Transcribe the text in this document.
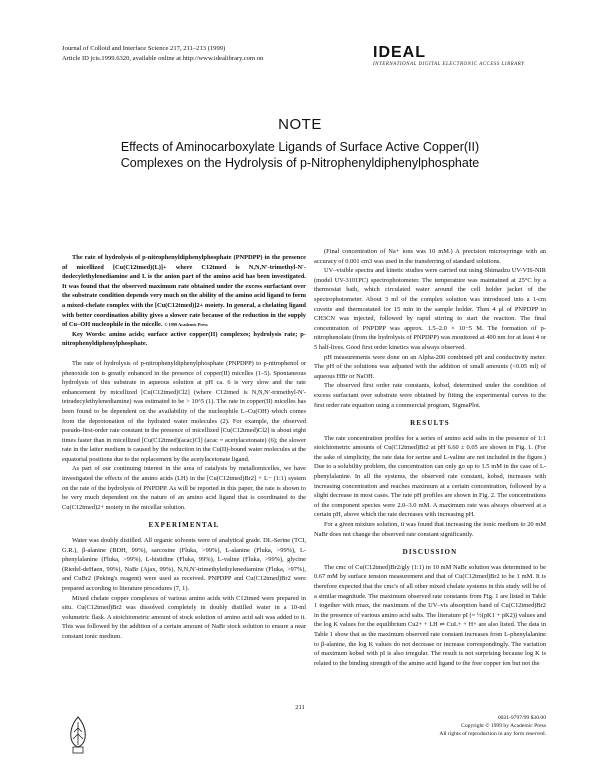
Journal of Colloid and Interface Science 217, 211–213 (1999)
Article ID jcis.1999.6320, available online at http://www.idealibrary.com on	IDEAL
INTERNATIONAL DIGITAL ELECTRONIC ACCESS LIBRARY
NOTE
Effects of Aminocarboxylate Ligands of Surface Active Copper(II)
Complexes on the Hydrolysis of p-Nitrophenyldiphenylphosphate

The rate of hydrolysis of p-nitrophenyldiphenylphosphate (PNPDPP) in the presence of micellized [Cu(C12tmed)(L)]+ where C12tmed is N,N,N′-trimethyl-N′-dodecylethylenediamine and L is the anion part of the amino acid has been investigated. It was found that the observed maximum rate obtained under the excess surfactant over the substrate condition depends very much on the ability of the amino acid ligand to form a mixed-chelate complex with the [Cu(C12tmed)]2+ moiety. In general, a chelating ligand with better coordination ability gives a slower rate because of the reduction in the supply of Cu–OH nucleophile in the micelle. © 1999 Academic Press

Key Words: amino acids; surface active copper(II) complexes; hydrolysis rate; p-nitrophenyldiphenylphosphate.

The rate of hydrolysis of p-nitrophenyldiphenylphosphate (PNPDPP) to p-nitrophenol or phenoxide ion is greatly enhanced in the presence of copper(II) micelles (1–5). Spontaneous hydrolysis of this substrate in aqueous solution at pH ca. 6 is very slow and the rate enhancement by micellized [Cu(C12tmed)Cl2] (where C12tmed is N,N,N′-trimethyl-N′-tetradecylethylenediamine) was estimated to be > 10^5 (1). The rate in copper(II) micelles has been found to be dependent on the availability of the nucleophile L–Cu(OH) which comes from the deprotonation of the hydrated water molecules (2). For example, the observed pseudo-first-order rate constant in the presence of micellized [Cu(C12tmed)Cl2] is about eight times faster than in micellized [Cu(C12tmed)(acac)Cl] (acac = acetylacetonate) (6); the slower rate in the latter medium is caused by the reduction in the Cu(II)-bound water molecules at the equatorial positions due to the replacement by the acetylacetonate ligand.

As part of our continuing interest in the area of catalysis by metallomicelles, we have investigated the effects of the amino acids (LH) in the [Cu(C12tmed)Br2] + L− (1:1) system on the rate of the hydrolysis of PNPDPP. As will be reported in this paper, the rate is shown to be very much dependent on the nature of an amino acid ligand that is coordinated to the Cu(C12tmed)2+ moiety in the micellar solution.

EXPERIMENTAL

Water was doubly distilled. All organic solvents were of analytical grade. DL-Serine (TCI, G.R.), β-alanine (BDH, 99%), sarcosine (Fluka, >99%), L-alanine (Fluka, >99%), L-phenylalanine (Fluka, >99%), L-histidine (Fluka, 99%), L-valine (Fluka, >99%), glycine (Riedel-deHaen, 99%), NaBr (Ajax, 99%), N,N,N′-trimethylethylenediamine (Fluka, >97%), and CuBr2 (Peking's reagent) were used as received. PNPDPP and Cu(C12tmed)Br2 were prepared according to literature procedures (7, 1).

Mixed chelate copper complexes of various amino acids with C12tmed were prepared in situ. Cu(C12tmed)Br2 was dissolved completely in doubly distilled water in a 10-ml volumetric flask. A stoichiometric amount of stock solution of amino acid salt was added to it. This was followed by the addition of a certain amount of NaBr stock solution to ensure a near constant ionic medium.

(Final concentration of Na+ ions was 10 mM.) A precision microsyringe with an accuracy of 0.001 cm3 was used in the transferring of standard solutions.

UV–visible spectra and kinetic studies were carried out using Shimadzu UV-VIS-NIR (model UV-3101PC) spectrophotometer. The temperature was maintained at 25°C by a thermostat bath, which circulated water around the cell holder jacket of the spectrophotometer. About 3 ml of the complex solution was introduced into a 1-cm cuvette and thermostated for 15 min in the sample holder. Then 4 μl of PNPDPP in CH3CN was injected, followed by rapid stirring to start the reaction. The final concentration of PNPDPP was approx. 1.5–2.0 × 10−5 M. The formation of p-nitrophenolate (from the hydrolysis of PNPDPP) was monitored at 400 nm for at least 4 or 5 half-lives. Good first order kinetics was always observed.

pH measurements were done on an Alpha-200 combined pH and conductivity meter. The pH of the solutions was adjusted with the addition of small amounts (<0.05 ml) of aqueous HBr or NaOH.

The observed first order rate constants, kobsd, determined under the condition of excess surfactant over substrate were obtained by fitting the experimental curves to the first order rate equation using a commercial program, SigmaPlot.

RESULTS

The rate concentration profiles for a series of amino acid salts in the presence of 1:1 stoichiometric amounts of Cu(C12tmed)Br2 at pH 6.60 ± 0.05 are shown in Fig. 1. (For the sake of simplicity, the rate data for serine and L-valine are not included in the figure.) Due to a solubility problem, the concentration can only go up to 1.5 mM in the case of L-phenylalanine. In all the systems, the observed rate constant, kobsd, increases with increasing concentration and reaches maximum at a certain concentration, followed by a slight decrease in most cases. The rate pH profiles are shown in Fig. 2. The concentrations of the component species were 2.0–3.0 mM. A maximum rate was always observed at a certain pH, above which the rate decreases with increasing pH.

For a given mixture solution, it was found that increasing the ionic medium to 20 mM NaBr does not change the observed rate constant significantly.

DISCUSSION

The cmc of Cu(C12tmed)Br2/gly (1:1) in 10 mM NaBr solution was determined to be 0.67 mM by surface tension measurement and that of Cu(C12tmed)Br2 to be 1 mM. It is therefore expected that the cmc's of all other mixed chelate systems in this study will be of a similar magnitude. The maximum observed rate constants from Fig. 1 are listed in Table 1 together with rmax, the maximum of the UV–vis absorption band of Cu(C12tmed)Br2 in the presence of various amino acid salts. The literature pI (= ½(pK1 + pK2)) values and the log K values for the equilibrium Cu2+ + LH ⇌ CuL+ + H+ are also listed. The data in Table 1 show that as the maximum observed rate constant increases from L-phenylalanine to β-alanine, the log K values do not decrease or increase correspondingly. The variation of maximum kobsd with pI is also irregular. The result is not surprising because log K is related to the binding strength of the amino acid ligand to the free copper ion but not the

211
0021-9797/99 $30.00
Copyright © 1999 by Academic Press
All rights of reproduction in any form reserved.
